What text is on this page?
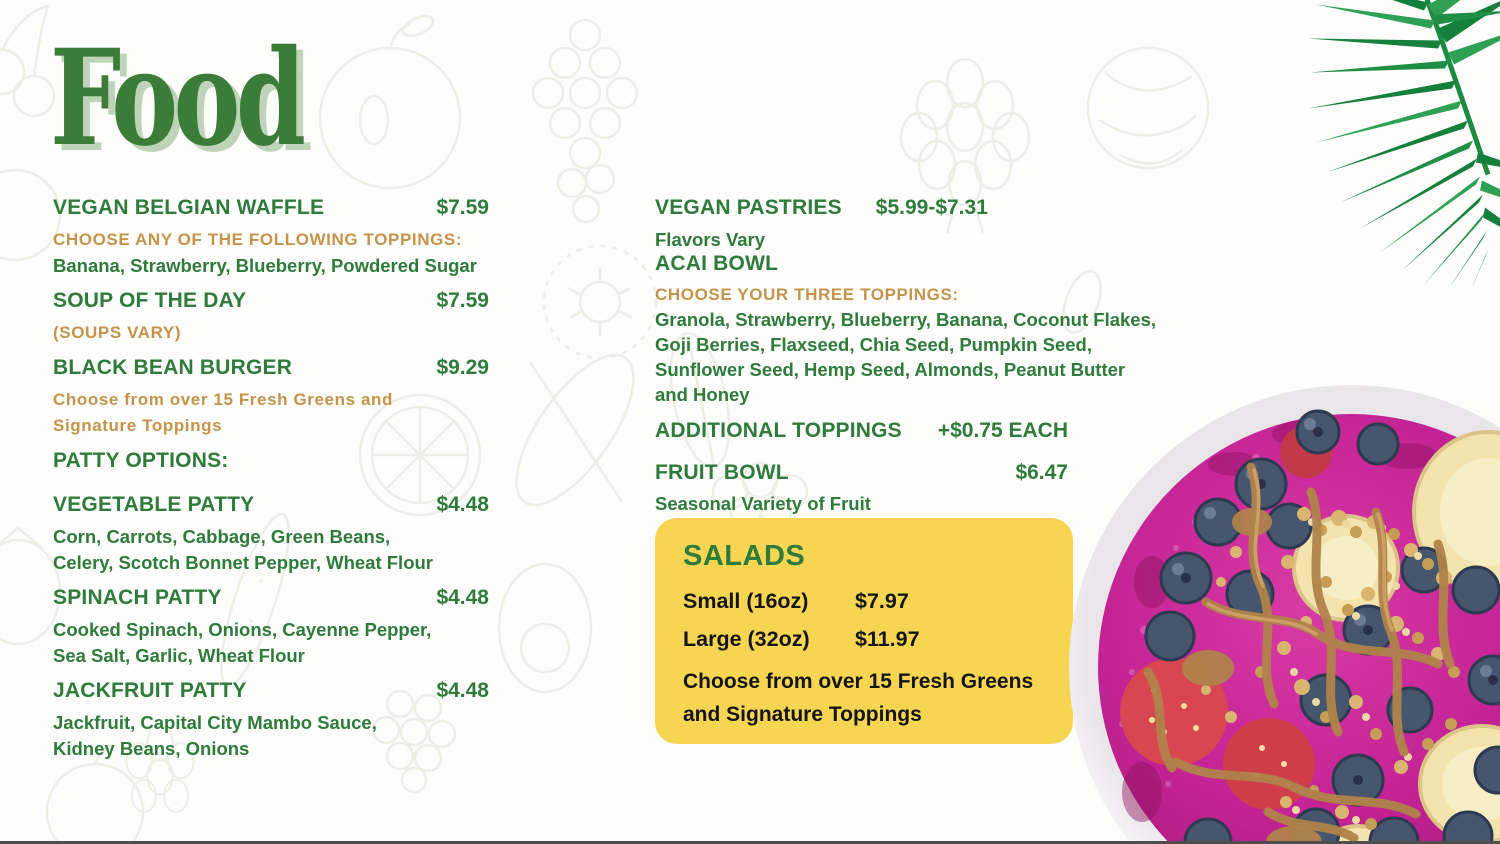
Food
VEGAN BELGIAN WAFFLE	$7.59
CHOOSE ANY OF THE FOLLOWING TOPPINGS:
Banana, Strawberry, Blueberry, Powdered Sugar
SOUP OF THE DAY	$7.59
(SOUPS VARY)
BLACK BEAN BURGER	$9.29
Choose from over 15 Fresh Greens and
Signature Toppings
PATTY OPTIONS:
VEGETABLE PATTY	$4.48
Corn, Carrots, Cabbage, Green Beans,
Celery, Scotch Bonnet Pepper, Wheat Flour
SPINACH PATTY	$4.48
Cooked Spinach, Onions, Cayenne Pepper,
Sea Salt, Garlic, Wheat Flour
JACKFRUIT PATTY	$4.48
Jackfruit, Capital City Mambo Sauce,
Kidney Beans, Onions
VEGAN PASTRIES $5.99-$7.31
Flavors Vary
ACAI BOWL
CHOOSE YOUR THREE TOPPINGS:
Granola, Strawberry, Blueberry, Banana, Coconut Flakes,
Goji Berries, Flaxseed, Chia Seed, Pumpkin Seed,
Sunflower Seed, Hemp Seed, Almonds, Peanut Butter
and Honey
ADDITIONAL TOPPINGS +$0.75 EACH
FRUIT BOWL	$6.47
Seasonal Variety of Fruit
SALADS
Small (16oz)	$7.97
Large (32oz)	$11.97
Choose from over 15 Fresh Greens
and Signature Toppings
